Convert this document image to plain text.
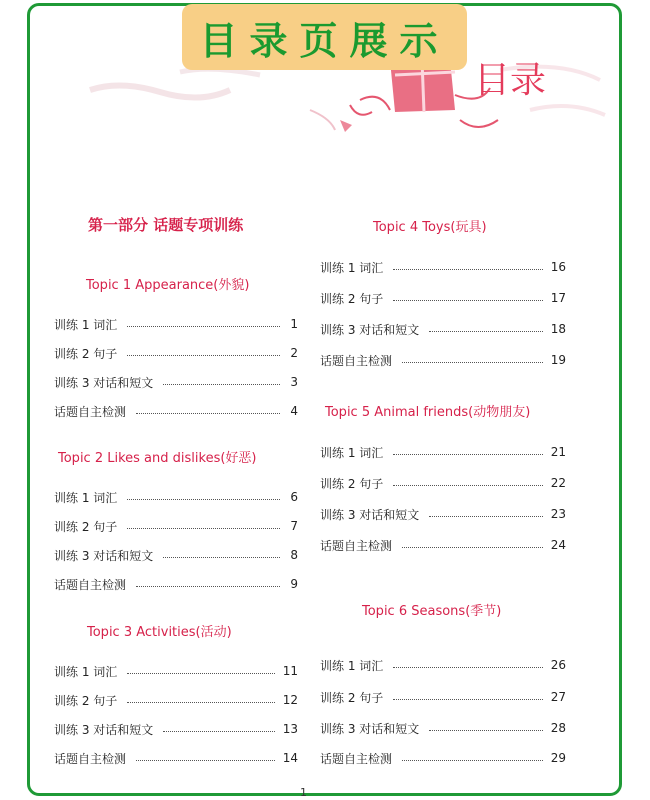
目录页展示
目录
第一部分 话题专项训练
Topic 1 Appearance(外貌)
训练 1 词汇	1
训练 2 句子	2
训练 3 对话和短文	3
话题自主检测	4
Topic 2 Likes and dislikes(好恶)
训练 1 词汇	6
训练 2 句子	7
训练 3 对话和短文	8
话题自主检测	9
Topic 3 Activities(活动)
训练 1 词汇	11
训练 2 句子	12
训练 3 对话和短文	13
话题自主检测	14
Topic 4 Toys(玩具)
训练 1 词汇	16
训练 2 句子	17
训练 3 对话和短文	18
话题自主检测	19
Topic 5 Animal friends(动物朋友)
训练 1 词汇	21
训练 2 句子	22
训练 3 对话和短文	23
话题自主检测	24
Topic 6 Seasons(季节)
训练 1 词汇	26
训练 2 句子	27
训练 3 对话和短文	28
话题自主检测	29
1
